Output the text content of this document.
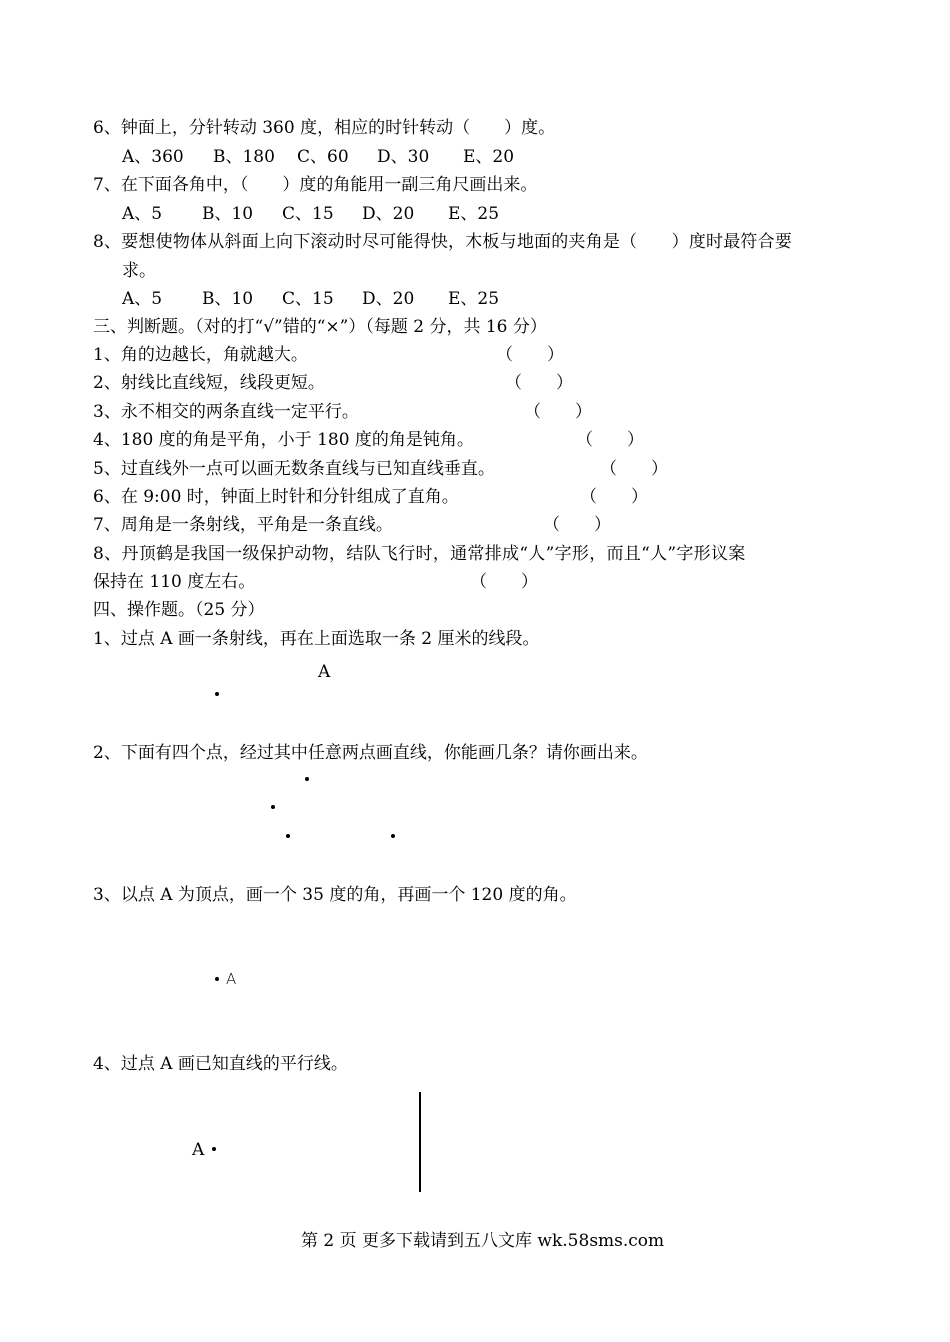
6、钟面上，分针转动 360 度，相应的时针转动（　　）度。
A、360 B、180 C、60 D、30 E、20
7、在下面各角中，（　　）度的角能用一副三角尺画出来。
A、5 B、10 C、15 D、20 E、25
8、要想使物体从斜面上向下滚动时尽可能得快，木板与地面的夹角是（　　）度时最符合要
求。
A、5 B、10 C、15 D、20 E、25
三、判断题。（对的打“√”错的“×”）（每题 2 分，共 16 分）
1、角的边越长，角就越大。	（　　）
2、射线比直线短，线段更短。	（　　）
3、永不相交的两条直线一定平行。	（　　）
4、180 度的角是平角，小于 180 度的角是钝角。	（　　）
5、过直线外一点可以画无数条直线与已知直线垂直。	（　　）
6、在 9:00 时，钟面上时针和分针组成了直角。	（　　）
7、周角是一条射线，平角是一条直线。	（　　）
8、丹顶鹤是我国一级保护动物，结队飞行时，通常排成“人”字形，而且“人”字形议案
保持在 110 度左右。	（　　）
四、操作题。（25 分）
1、过点 A 画一条射线，再在上面选取一条 2 厘米的线段。
A
2、下面有四个点，经过其中任意两点画直线，你能画几条？请你画出来。
3、以点 A 为顶点，画一个 35 度的角，再画一个 120 度的角。
A
4、过点 A 画已知直线的平行线。
A
第 2 页 更多下载请到五八文库 wk.58sms.com
